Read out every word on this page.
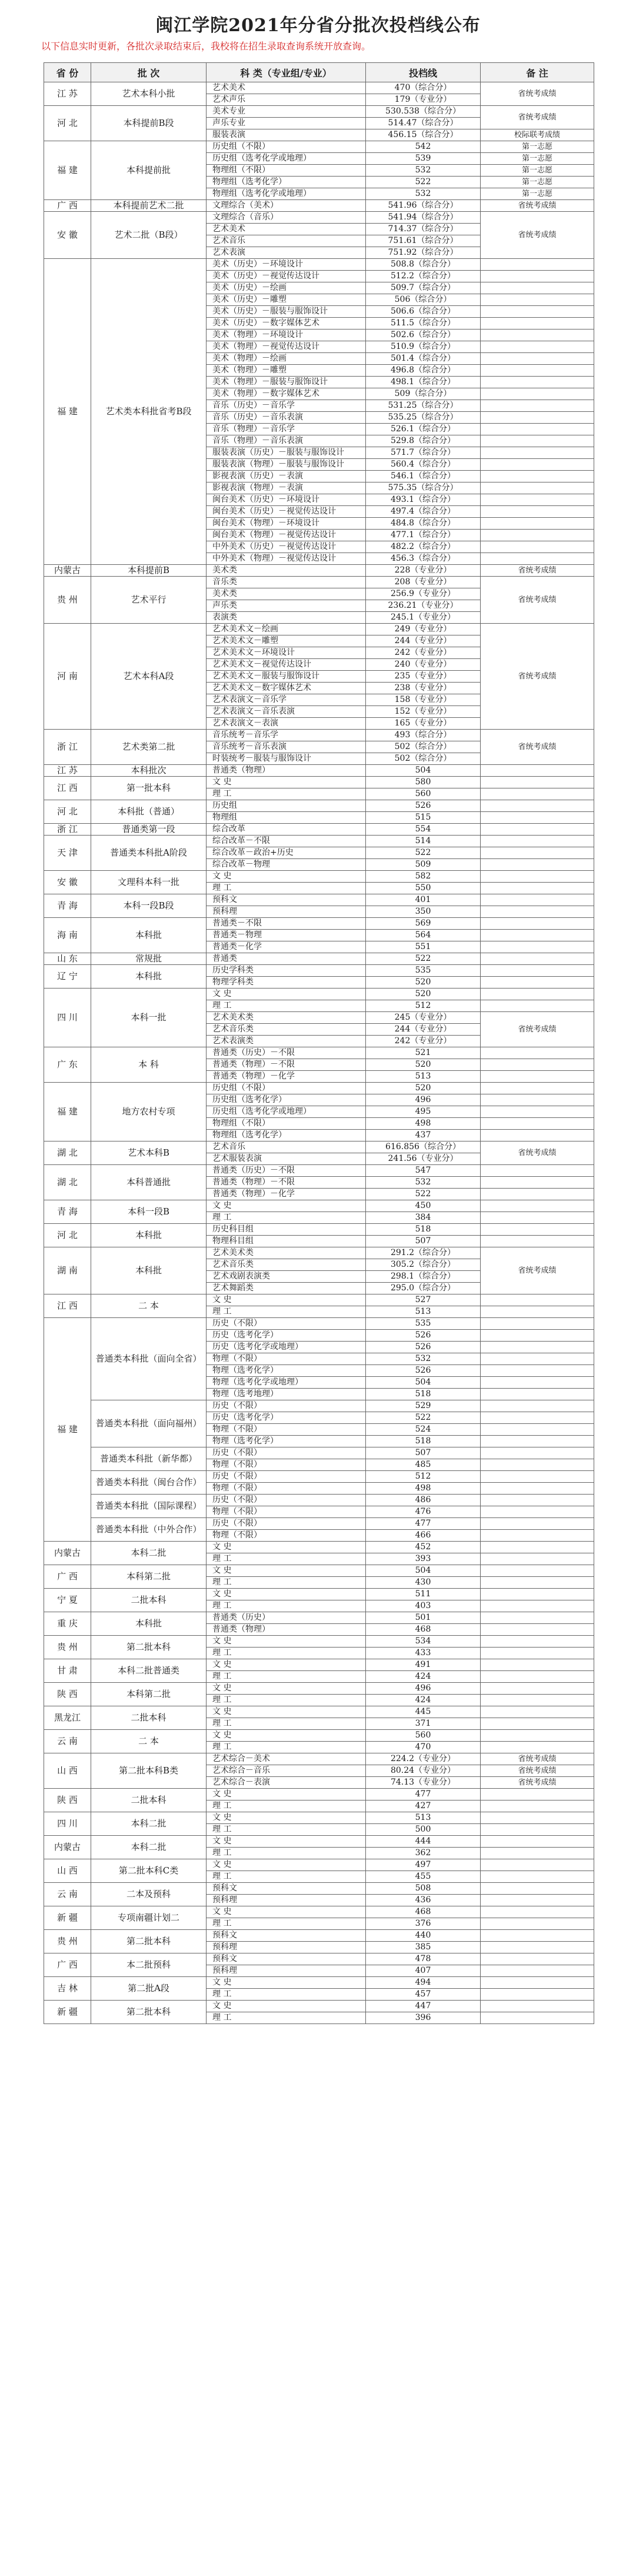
闽江学院2021年分省分批次投档线公布
以下信息实时更新，各批次录取结束后，我校将在招生录取查询系统开放查询。
省 份	批 次	科 类（专业组/专业）	投档线	备 注
江 苏	艺术本科小批	艺术美术	470（综合分）	省统考成绩
		艺术声乐	179（专业分）	
河 北	本科提前B段	美术专业	530.538（综合分）	省统考成绩
		声乐专业	514.47（综合分）	
		服装表演	456.15（综合分）	校际联考成绩
福 建	本科提前批	历史组（不限）	542	第一志愿
		历史组（选考化学或地理）	539	第一志愿
		物理组（不限）	532	第一志愿
		物理组（选考化学）	522	第一志愿
		物理组（选考化学或地理）	532	第一志愿
广 西	本科提前艺术二批	文理综合（美术）	541.96（综合分）	省统考成绩
安 徽	艺术二批（B段）	文理综合（音乐）	541.94（综合分）	省统考成绩
		艺术美术	714.37（综合分）	
		艺术音乐	751.61（综合分）	
		艺术表演	751.92（综合分）	
福 建	艺术类本科批省考B段	美术（历史）－环境设计	508.8（综合分）	
		美术（历史）－视觉传达设计	512.2（综合分）	
		美术（历史）－绘画	509.7（综合分）	
		美术（历史）－雕塑	506（综合分）	
		美术（历史）－服装与服饰设计	506.6（综合分）	
		美术（历史）－数字媒体艺术	511.5（综合分）	
		美术（物理）－环境设计	502.6（综合分）	
		美术（物理）－视觉传达设计	510.9（综合分）	
		美术（物理）－绘画	501.4（综合分）	
		美术（物理）－雕塑	496.8（综合分）	
		美术（物理）－服装与服饰设计	498.1（综合分）	
		美术（物理）－数字媒体艺术	509（综合分）	
		音乐（历史）－音乐学	531.25（综合分）	
		音乐（历史）－音乐表演	535.25（综合分）	
		音乐（物理）－音乐学	526.1（综合分）	
		音乐（物理）－音乐表演	529.8（综合分）	
		服装表演（历史）－服装与服饰设计	571.7（综合分）	
		服装表演（物理）－服装与服饰设计	560.4（综合分）	
		影视表演（历史）－表演	546.1（综合分）	
		影视表演（物理）－表演	575.35（综合分）	
		闽台美术（历史）－环境设计	493.1（综合分）	
		闽台美术（历史）－视觉传达设计	497.4（综合分）	
		闽台美术（物理）－环境设计	484.8（综合分）	
		闽台美术（物理）－视觉传达设计	477.1（综合分）	
		中外美术（历史）－视觉传达设计	482.2（综合分）	
		中外美术（物理）－视觉传达设计	456.3（综合分）	
内蒙古	本科提前B	美术类	228（专业分）	省统考成绩
贵 州	艺术平行	音乐类	208（专业分）	省统考成绩
		美术类	256.9（专业分）	
		声乐类	236.21（专业分）	
		表演类	245.1（专业分）	
河 南	艺术本科A段	艺术美术文－绘画	249（专业分）	省统考成绩
		艺术美术文－雕塑	244（专业分）	
		艺术美术文－环境设计	242（专业分）	
		艺术美术文－视觉传达设计	240（专业分）	
		艺术美术文－服装与服饰设计	235（专业分）	
		艺术美术文－数字媒体艺术	238（专业分）	
		艺术表演文－音乐学	158（专业分）	
		艺术表演文－音乐表演	152（专业分）	
		艺术表演文－表演	165（专业分）	
浙 江	艺术类第二批	音乐统考－音乐学	493（综合分）	省统考成绩
		音乐统考－音乐表演	502（综合分）	
		时装统考－服装与服饰设计	502（综合分）	
江 苏	本科批次	普通类（物理）	504	
江 西	第一批本科	文 史	580	
		理 工	560	
河 北	本科批（普通）	历史组	526	
		物理组	515	
浙 江	普通类第一段	综合改革	554	
天 津	普通类本科批A阶段	综合改革－不限	514	
		综合改革－政治+历史	522	
		综合改革－物理	509	
安 徽	文理科本科一批	文 史	582	
		理 工	550	
青 海	本科一段B段	预科文	401	
		预科理	350	
海 南	本科批	普通类－不限	569	
		普通类－物理	564	
		普通类－化学	551	
山 东	常规批	普通类	522	
辽 宁	本科批	历史学科类	535	
		物理学科类	520	
四 川	本科一批	文 史	520	
		理 工	512	
		艺术美术类	245（专业分）	省统考成绩
		艺术音乐类	244（专业分）	
		艺术表演类	242（专业分）	
广 东	本 科	普通类（历史）－不限	521	
		普通类（物理）－不限	520	
		普通类（物理）－化学	513	
福 建	地方农村专项	历史组（不限）	520	
		历史组（选考化学）	496	
		历史组（选考化学或地理）	495	
		物理组（不限）	498	
		物理组（选考化学）	437	
湖 北	艺术本科B	艺术音乐	616.856（综合分）	省统考成绩
		艺术服装表演	241.56（专业分）	
湖 北	本科普通批	普通类（历史）－不限	547	
		普通类（物理）－不限	532	
		普通类（物理）－化学	522	
青 海	本科一段B	文 史	450	
		理 工	384	
河 北	本科批	历史科目组	518	
		物理科目组	507	
湖 南	本科批	艺术美术类	291.2（综合分）	省统考成绩
		艺术音乐类	305.2（综合分）	
		艺术戏剧表演类	298.1（综合分）	
		艺术舞蹈类	295.0（综合分）	
江 西	二 本	文 史	527	
		理 工	513	
福 建	普通类本科批（面向全省）	历史（不限）	535	
		历史（选考化学）	526	
		历史（选考化学或地理）	526	
		物理（不限）	532	
		物理（选考化学）	526	
		物理（选考化学或地理）	504	
		物理（选考地理）	518	
	普通类本科批（面向福州）	历史（不限）	529	
		历史（选考化学）	522	
		物理（不限）	524	
		物理（选考化学）	518	
	普通类本科批（新华都）	历史（不限）	507	
		物理（不限）	485	
	普通类本科批（闽台合作）	历史（不限）	512	
		物理（不限）	498	
	普通类本科批（国际课程）	历史（不限）	486	
		物理（不限）	476	
	普通类本科批（中外合作）	历史（不限）	477	
		物理（不限）	466	
内蒙古	本科二批	文 史	452	
		理 工	393	
广 西	本科第二批	文 史	504	
		理 工	430	
宁 夏	二批本科	文 史	511	
		理 工	403	
重 庆	本科批	普通类（历史）	501	
		普通类（物理）	468	
贵 州	第二批本科	文 史	534	
		理 工	433	
甘 肃	本科二批普通类	文 史	491	
		理 工	424	
陕 西	本科第二批	文 史	496	
		理 工	424	
黑龙江	二批本科	文 史	445	
		理 工	371	
云 南	二 本	文 史	560	
		理 工	470	
山 西	第二批本科B类	艺术综合－美术	224.2（专业分）	省统考成绩
		艺术综合－音乐	80.24（专业分）	省统考成绩
		艺术综合－表演	74.13（专业分）	省统考成绩
陕 西	二批本科	文 史	477	
		理 工	427	
四 川	本科二批	文 史	513	
		理 工	500	
内蒙古	本科二批	文 史	444	
		理 工	362	
山 西	第二批本科C类	文 史	497	
		理 工	455	
云 南	二本及预科	预科文	508	
		预科理	436	
新 疆	专项南疆计划二	文 史	468	
		理 工	376	
贵 州	第二批本科	预科文	440	
		预科理	385	
广 西	本二批预科	预科文	478	
		预科理	407	
吉 林	第二批A段	文 史	494	
		理 工	457	
新 疆	第二批本科	文 史	447	
		理 工	396	
